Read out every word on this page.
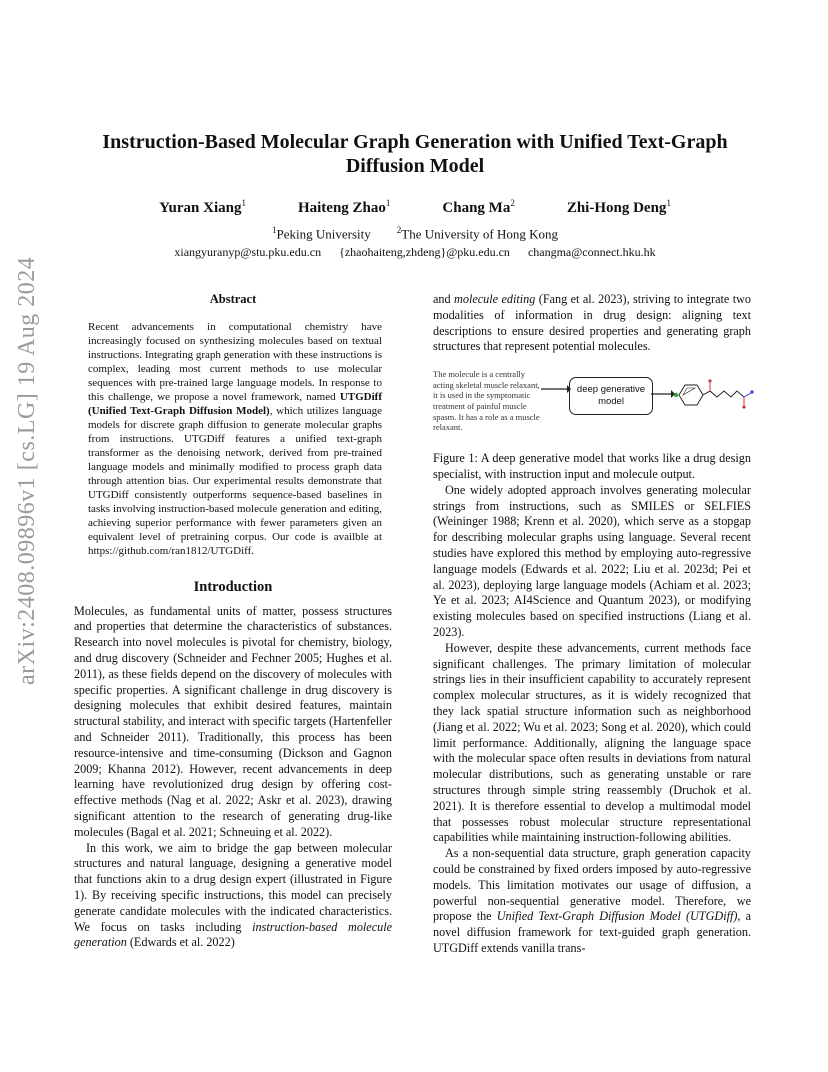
arXiv:2408.09896v1 [cs.LG] 19 Aug 2024
Instruction-Based Molecular Graph Generation with Unified Text-Graph Diffusion Model
Yuran Xiang$^1$	Haiteng Zhao$^1$	Chang Ma$^2$	Zhi-Hong Deng$^1$
$^1$Peking University	$^2$The University of Hong Kong
xiangyuranyp@stu.pku.edu.cn {zhaohaiteng,zhdeng}@pku.edu.cn changma@connect.hku.hk
Abstract

Recent advancements in computational chemistry have increasingly focused on synthesizing molecules based on textual instructions. Integrating graph generation with these instructions is complex, leading most current methods to use molecular sequences with pre-trained large language models. In response to this challenge, we propose a novel framework, named UTGDiff (Unified Text-Graph Diffusion Model), which utilizes language models for discrete graph diffusion to generate molecular graphs from instructions. UTGDiff features a unified text-graph transformer as the denoising network, derived from pre-trained language models and minimally modified to process graph data through attention bias. Our experimental results demonstrate that UTGDiff consistently outperforms sequence-based baselines in tasks involving instruction-based molecule generation and editing, achieving superior performance with fewer parameters given an equivalent level of pretraining corpus. Our code is availble at https://github.com/ran1812/UTGDiff.

Introduction

Molecules, as fundamental units of matter, possess structures and properties that determine the characteristics of substances. Research into novel molecules is pivotal for chemistry, biology, and drug discovery (Schneider and Fechner 2005; Hughes et al. 2011), as these fields depend on the discovery of molecules with specific properties. A significant challenge in drug discovery is designing molecules that exhibit desired features, maintain structural stability, and interact with specific targets (Hartenfeller and Schneider 2011). Traditionally, this process has been resource-intensive and time-consuming (Dickson and Gagnon 2009; Khanna 2012). However, recent advancements in deep learning have revolutionized drug design by offering cost-effective methods (Nag et al. 2022; Askr et al. 2023), drawing significant attention to the research of generating drug-like molecules (Bagal et al. 2021; Schneuing et al. 2022).

In this work, we aim to bridge the gap between molecular structures and natural language, designing a generative model that functions akin to a drug design expert (illustrated in Figure 1). By receiving specific instructions, this model can precisely generate candidate molecules with the indicated characteristics. We focus on tasks including instruction-based molecule generation (Edwards et al. 2022)

and molecule editing (Fang et al. 2023), striving to integrate two modalities of information in drug design: aligning text descriptions to ensure desired properties and generating graph structures that represent potential molecules.

The molecule is a centrally acting skeletal muscle relaxant, it is used in the symptomatic treatment of painful muscle spasm. It has a role as a muscle relaxant.
deep generative
model

Figure 1: A deep generative model that works like a drug design specialist, with instruction input and molecule output.

One widely adopted approach involves generating molecular strings from instructions, such as SMILES or SELFIES (Weininger 1988; Krenn et al. 2020), which serve as a stopgap for describing molecular graphs using language. Several recent studies have explored this method by employing auto-regressive language models (Edwards et al. 2022; Liu et al. 2023d; Pei et al. 2023), deploying large language models (Achiam et al. 2023; Ye et al. 2023; AI4Science and Quantum 2023), or modifying existing molecules based on specified instructions (Liang et al. 2023).

However, despite these advancements, current methods face significant challenges. The primary limitation of molecular strings lies in their insufficient capability to accurately represent complex molecular structures, as it is widely recognized that they lack spatial structure information such as neighborhood (Jiang et al. 2022; Wu et al. 2023; Song et al. 2020), which could limit performance. Additionally, aligning the language space with the molecular space often results in deviations from natural molecular distributions, such as generating unstable or rare structures through simple string reassembly (Druchok et al. 2021). It is therefore essential to develop a multimodal model that possesses robust molecular structure representational capabilities while maintaining instruction-following abilities.

As a non-sequential data structure, graph generation capacity could be constrained by fixed orders imposed by auto-regressive models. This limitation motivates our usage of diffusion, a powerful non-sequential generative model. Therefore, we propose the Unified Text-Graph Diffusion Model (UTGDiff), a novel diffusion framework for text-guided graph generation. UTGDiff extends vanilla trans-
